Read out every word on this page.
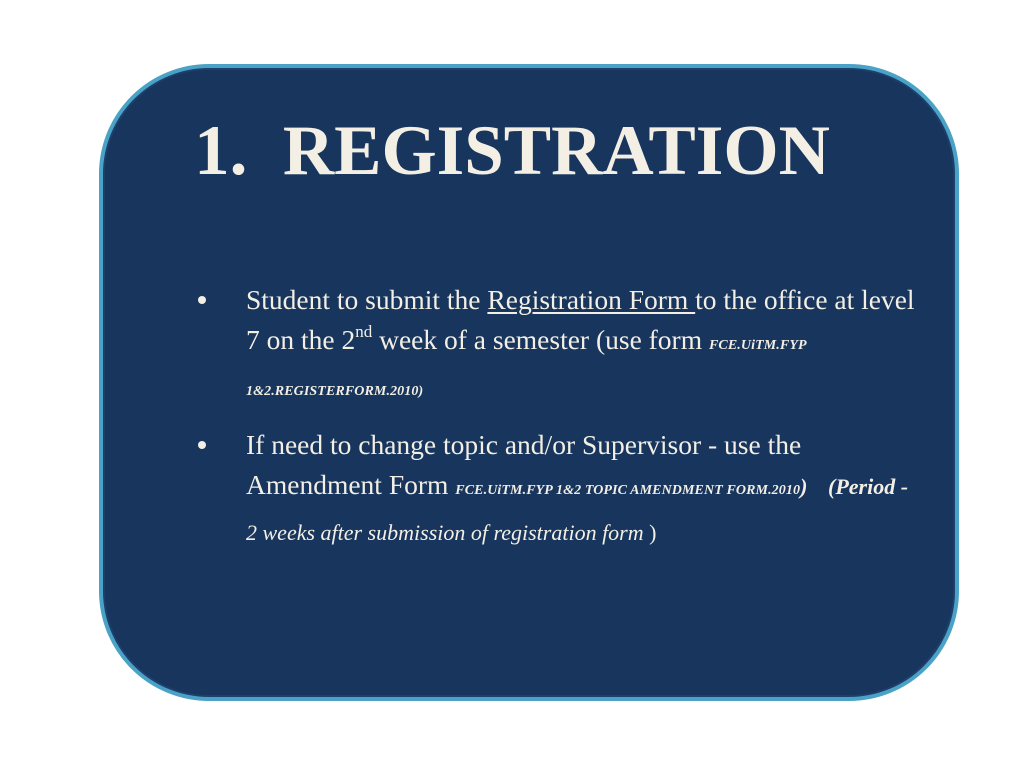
1.  REGISTRATION
Student to submit the Registration Form to the office at level 7 on the 2nd week of a semester (use form FCE.UiTM.FYP 1&2.REGISTERFORM.2010)
If need to change topic and/or Supervisor - use the Amendment Form FCE.UiTM.FYP 1&2 TOPIC AMENDMENT FORM.2010) (Period - 2 weeks after submission of registration form )
